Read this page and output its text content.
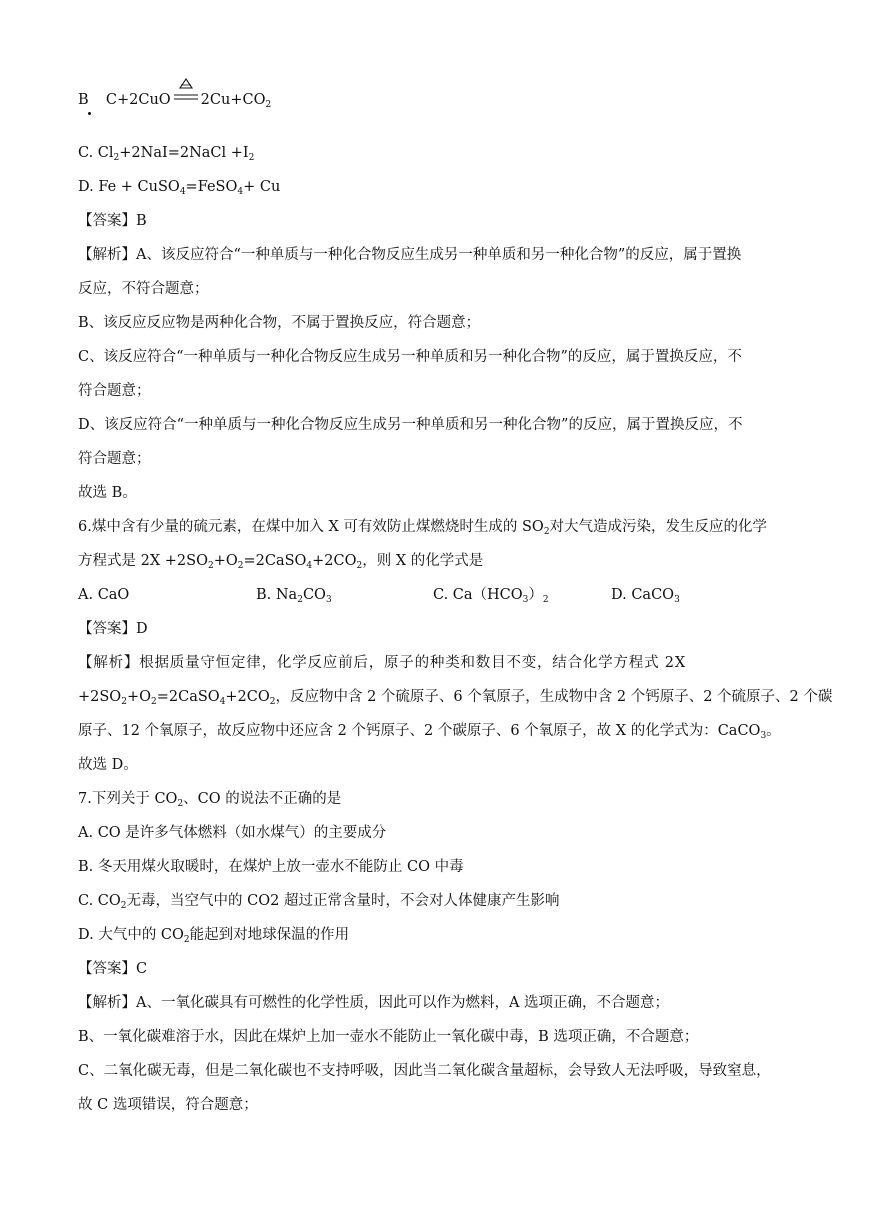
B C+2CuO $2Cu+CO_2$
C. $Cl_2+2NaI=2NaCl +I_2$
D. Fe + CuSO$_4$=FeSO$_4$+ Cu
【答案】B
【解析】A、该反应符合“一种单质与一种化合物反应生成另一种单质和另一种化合物”的反应，属于置换
反应，不符合题意；
B、该反应反应物是两种化合物，不属于置换反应，符合题意；
C、该反应符合“一种单质与一种化合物反应生成另一种单质和另一种化合物”的反应，属于置换反应，不
符合题意；
D、该反应符合“一种单质与一种化合物反应生成另一种单质和另一种化合物”的反应，属于置换反应，不
符合题意；
故选 B。
6.煤中含有少量的硫元素，在煤中加入 X 可有效防止煤燃烧时生成的 $SO_2$对大气造成污染，发生反应的化学
方程式是 $2X +2SO_2+O_2=2CaSO_4+2CO_2$，则 X 的化学式是
A. CaO	B. $Na_2CO_3$	C. $Ca(HCO_3)_2$	D. CaCO$_3$
【答案】D
【解析】根据质量守恒定律，化学反应前后，原子的种类和数目不变，结合化学方程式 2X
$+2SO_2+O_2=2CaSO_4+2CO_2$，反应物中含 2 个硫原子、6 个氧原子，生成物中含 2 个钙原子、2 个硫原子、2 个碳
原子、12 个氧原子，故反应物中还应含 2 个钙原子、2 个碳原子、6 个氧原子，故 X 的化学式为：CaCO$_3$。
故选 D。
7.下列关于 $CO_2$、CO 的说法不正确的是
A. CO 是许多气体燃料（如水煤气）的主要成分
B. 冬天用煤火取暖时，在煤炉上放一壶水不能防止 CO 中毒
C. $CO_2$无毒，当空气中的 CO2 超过正常含量时，不会对人体健康产生影响
D. 大气中的 $CO_2$能起到对地球保温的作用
【答案】C
【解析】A、一氧化碳具有可燃性的化学性质，因此可以作为燃料，A 选项正确，不合题意；
B、一氧化碳难溶于水，因此在煤炉上加一壶水不能防止一氧化碳中毒，B 选项正确，不合题意；
C、二氧化碳无毒，但是二氧化碳也不支持呼吸，因此当二氧化碳含量超标，会导致人无法呼吸，导致窒息，
故 C 选项错误，符合题意；
